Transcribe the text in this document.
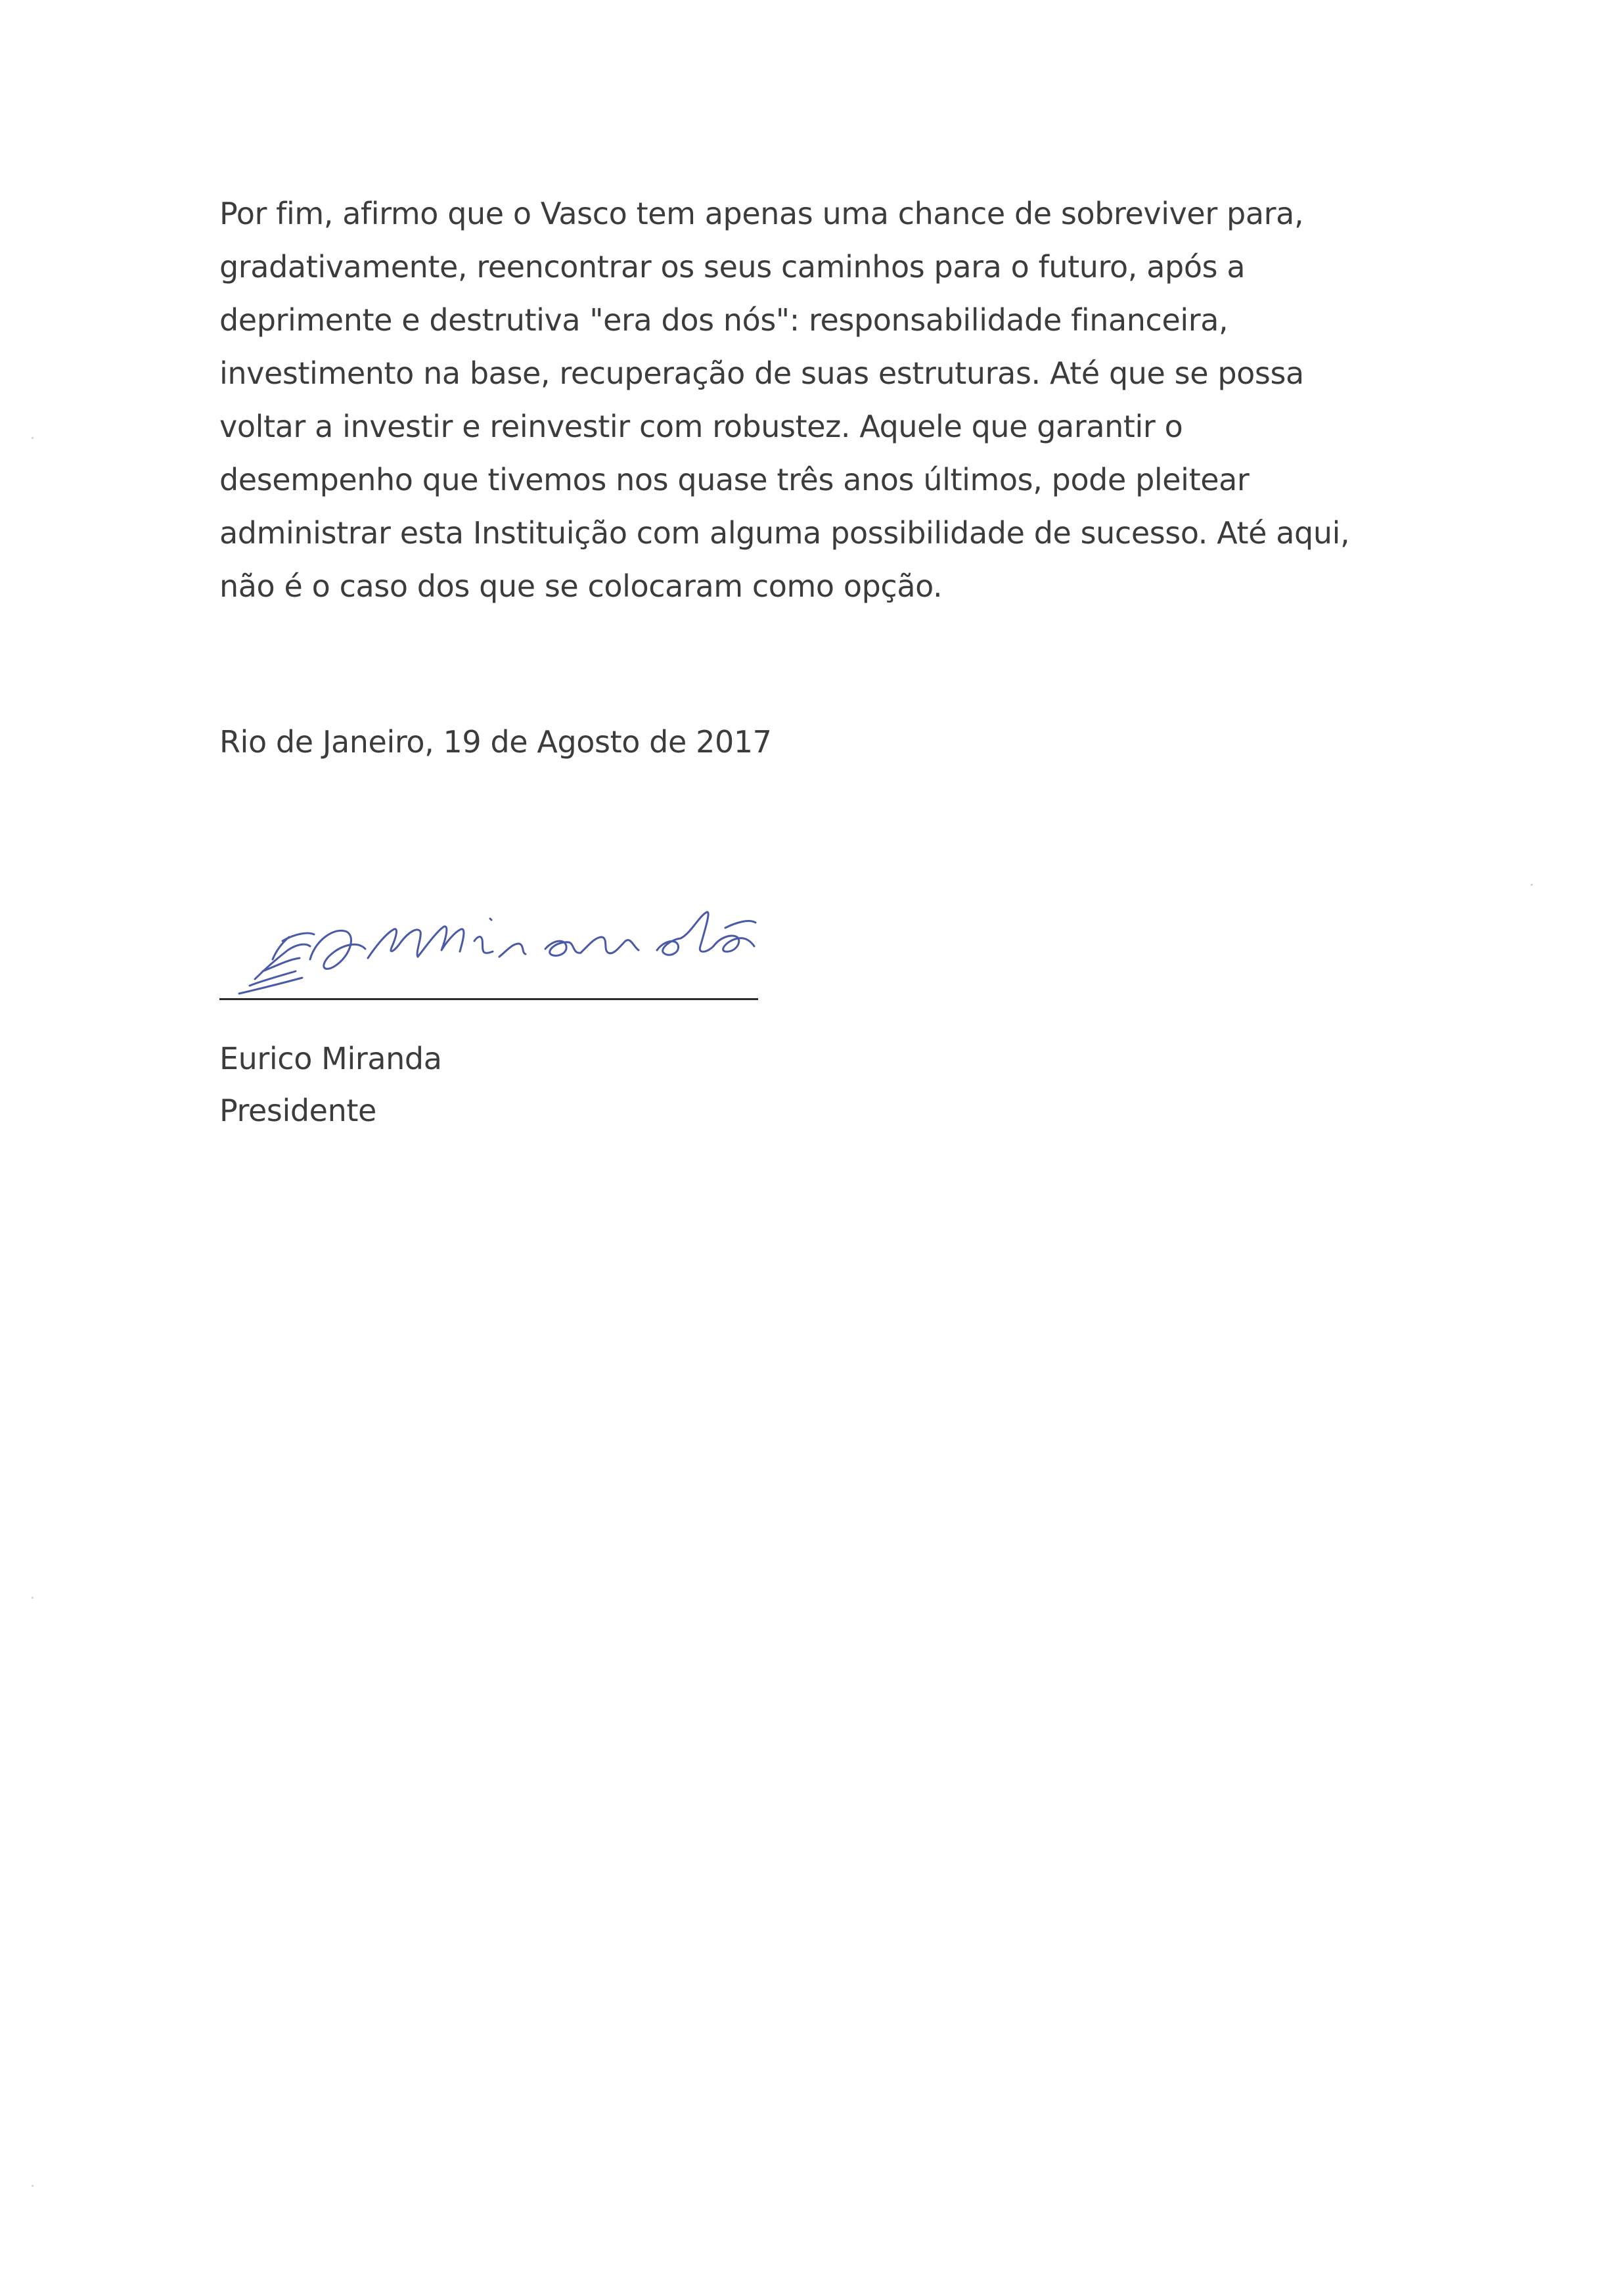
Por fim, afirmo que o Vasco tem apenas uma chance de sobreviver para,
gradativamente, reencontrar os seus caminhos para o futuro, após a
deprimente e destrutiva "era dos nós": responsabilidade financeira,
investimento na base, recuperação de suas estruturas. Até que se possa
voltar a investir e reinvestir com robustez. Aquele que garantir o
desempenho que tivemos nos quase três anos últimos, pode pleitear
administrar esta Instituição com alguma possibilidade de sucesso. Até aqui,
não é o caso dos que se colocaram como opção.
Rio de Janeiro, 19 de Agosto de 2017
Eurico Miranda
Presidente
